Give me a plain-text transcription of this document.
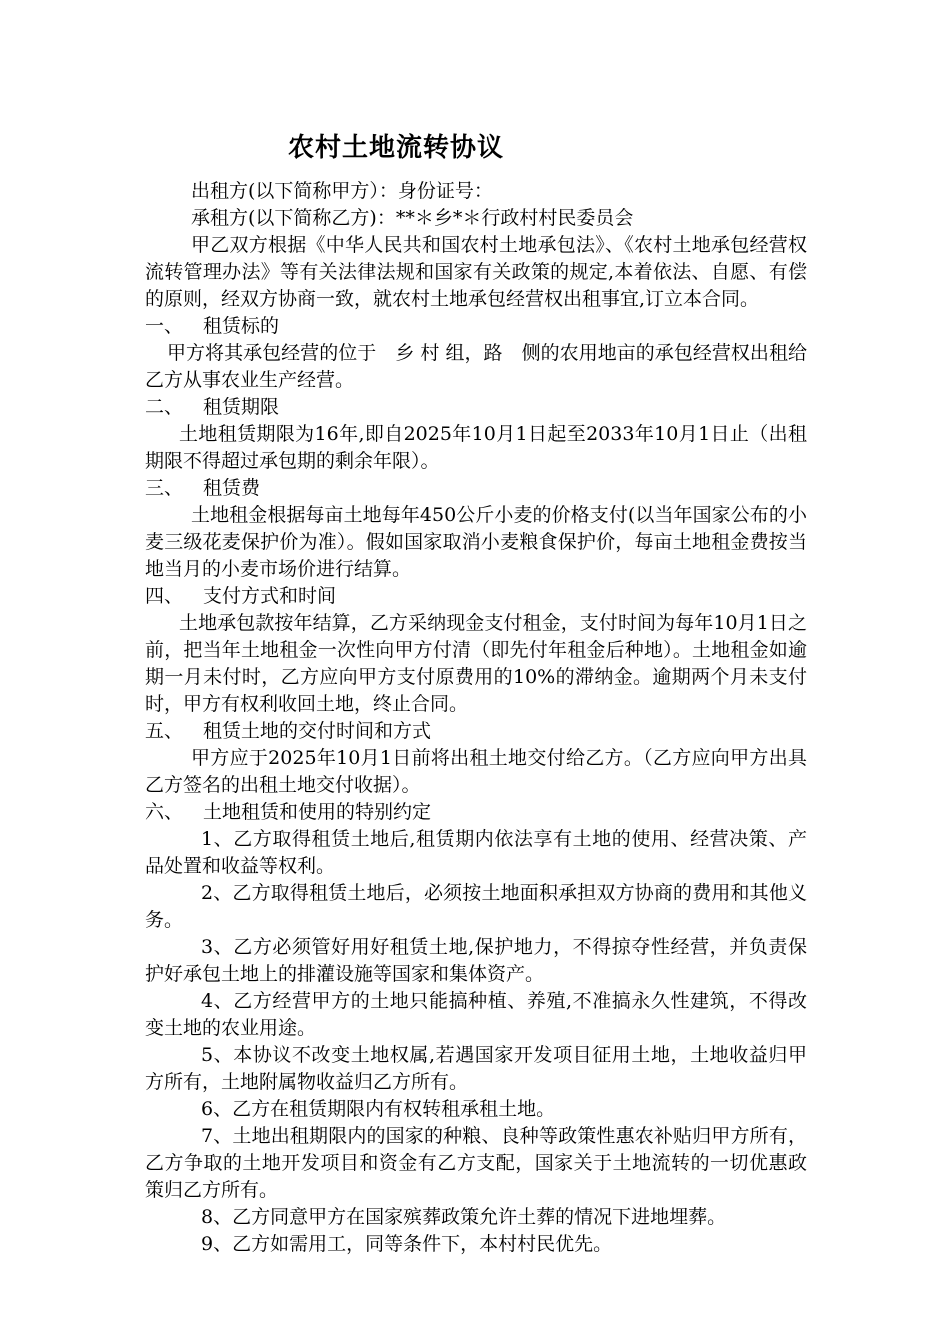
农村土地流转协议

出租方(以下简称甲方）：身份证号：

承租方(以下简称乙方)：**＊乡*＊行政村村民委员会

甲乙双方根据《中华人民共和国农村土地承包法》、《农村土地承包经营权流转管理办法》等有关法律法规和国家有关政策的规定,本着依法、自愿、有偿的原则，经双方协商一致，就农村土地承包经营权出租事宜,订立本合同。

一、 租赁标的

甲方将其承包经营的位于　乡 村 组，路　侧的农用地亩的承包经营权出租给乙方从事农业生产经营。

二、 租赁期限

土地租赁期限为16年,即自2025年10月1日起至2033年10月1日止（出租期限不得超过承包期的剩余年限）。

三、 租赁费

土地租金根据每亩土地每年450公斤小麦的价格支付(以当年国家公布的小麦三级花麦保护价为准）。假如国家取消小麦粮食保护价，每亩土地租金费按当地当月的小麦市场价进行结算。

四、 支付方式和时间

土地承包款按年结算，乙方采纳现金支付租金，支付时间为每年10月1日之前，把当年土地租金一次性向甲方付清（即先付年租金后种地）。土地租金如逾期一月未付时，乙方应向甲方支付原费用的10%的滞纳金。逾期两个月未支付时，甲方有权利收回土地，终止合同。

五、 租赁土地的交付时间和方式

甲方应于2025年10月1日前将出租土地交付给乙方。（乙方应向甲方出具乙方签名的出租土地交付收据）。

六、 土地租赁和使用的特别约定

1、乙方取得租赁土地后,租赁期内依法享有土地的使用、经营决策、产品处置和收益等权利。

2、乙方取得租赁土地后，必须按土地面积承担双方协商的费用和其他义务。

3、乙方必须管好用好租赁土地,保护地力，不得掠夺性经营，并负责保护好承包土地上的排灌设施等国家和集体资产。

4、乙方经营甲方的土地只能搞种植、养殖,不准搞永久性建筑，不得改变土地的农业用途。

5、本协议不改变土地权属,若遇国家开发项目征用土地，土地收益归甲方所有，土地附属物收益归乙方所有。

6、乙方在租赁期限内有权转租承租土地。

7、土地出租期限内的国家的种粮、良种等政策性惠农补贴归甲方所有，乙方争取的土地开发项目和资金有乙方支配，国家关于土地流转的一切优惠政策归乙方所有。

8、乙方同意甲方在国家殡葬政策允许土葬的情况下进地埋葬。

9、乙方如需用工，同等条件下，本村村民优先。
